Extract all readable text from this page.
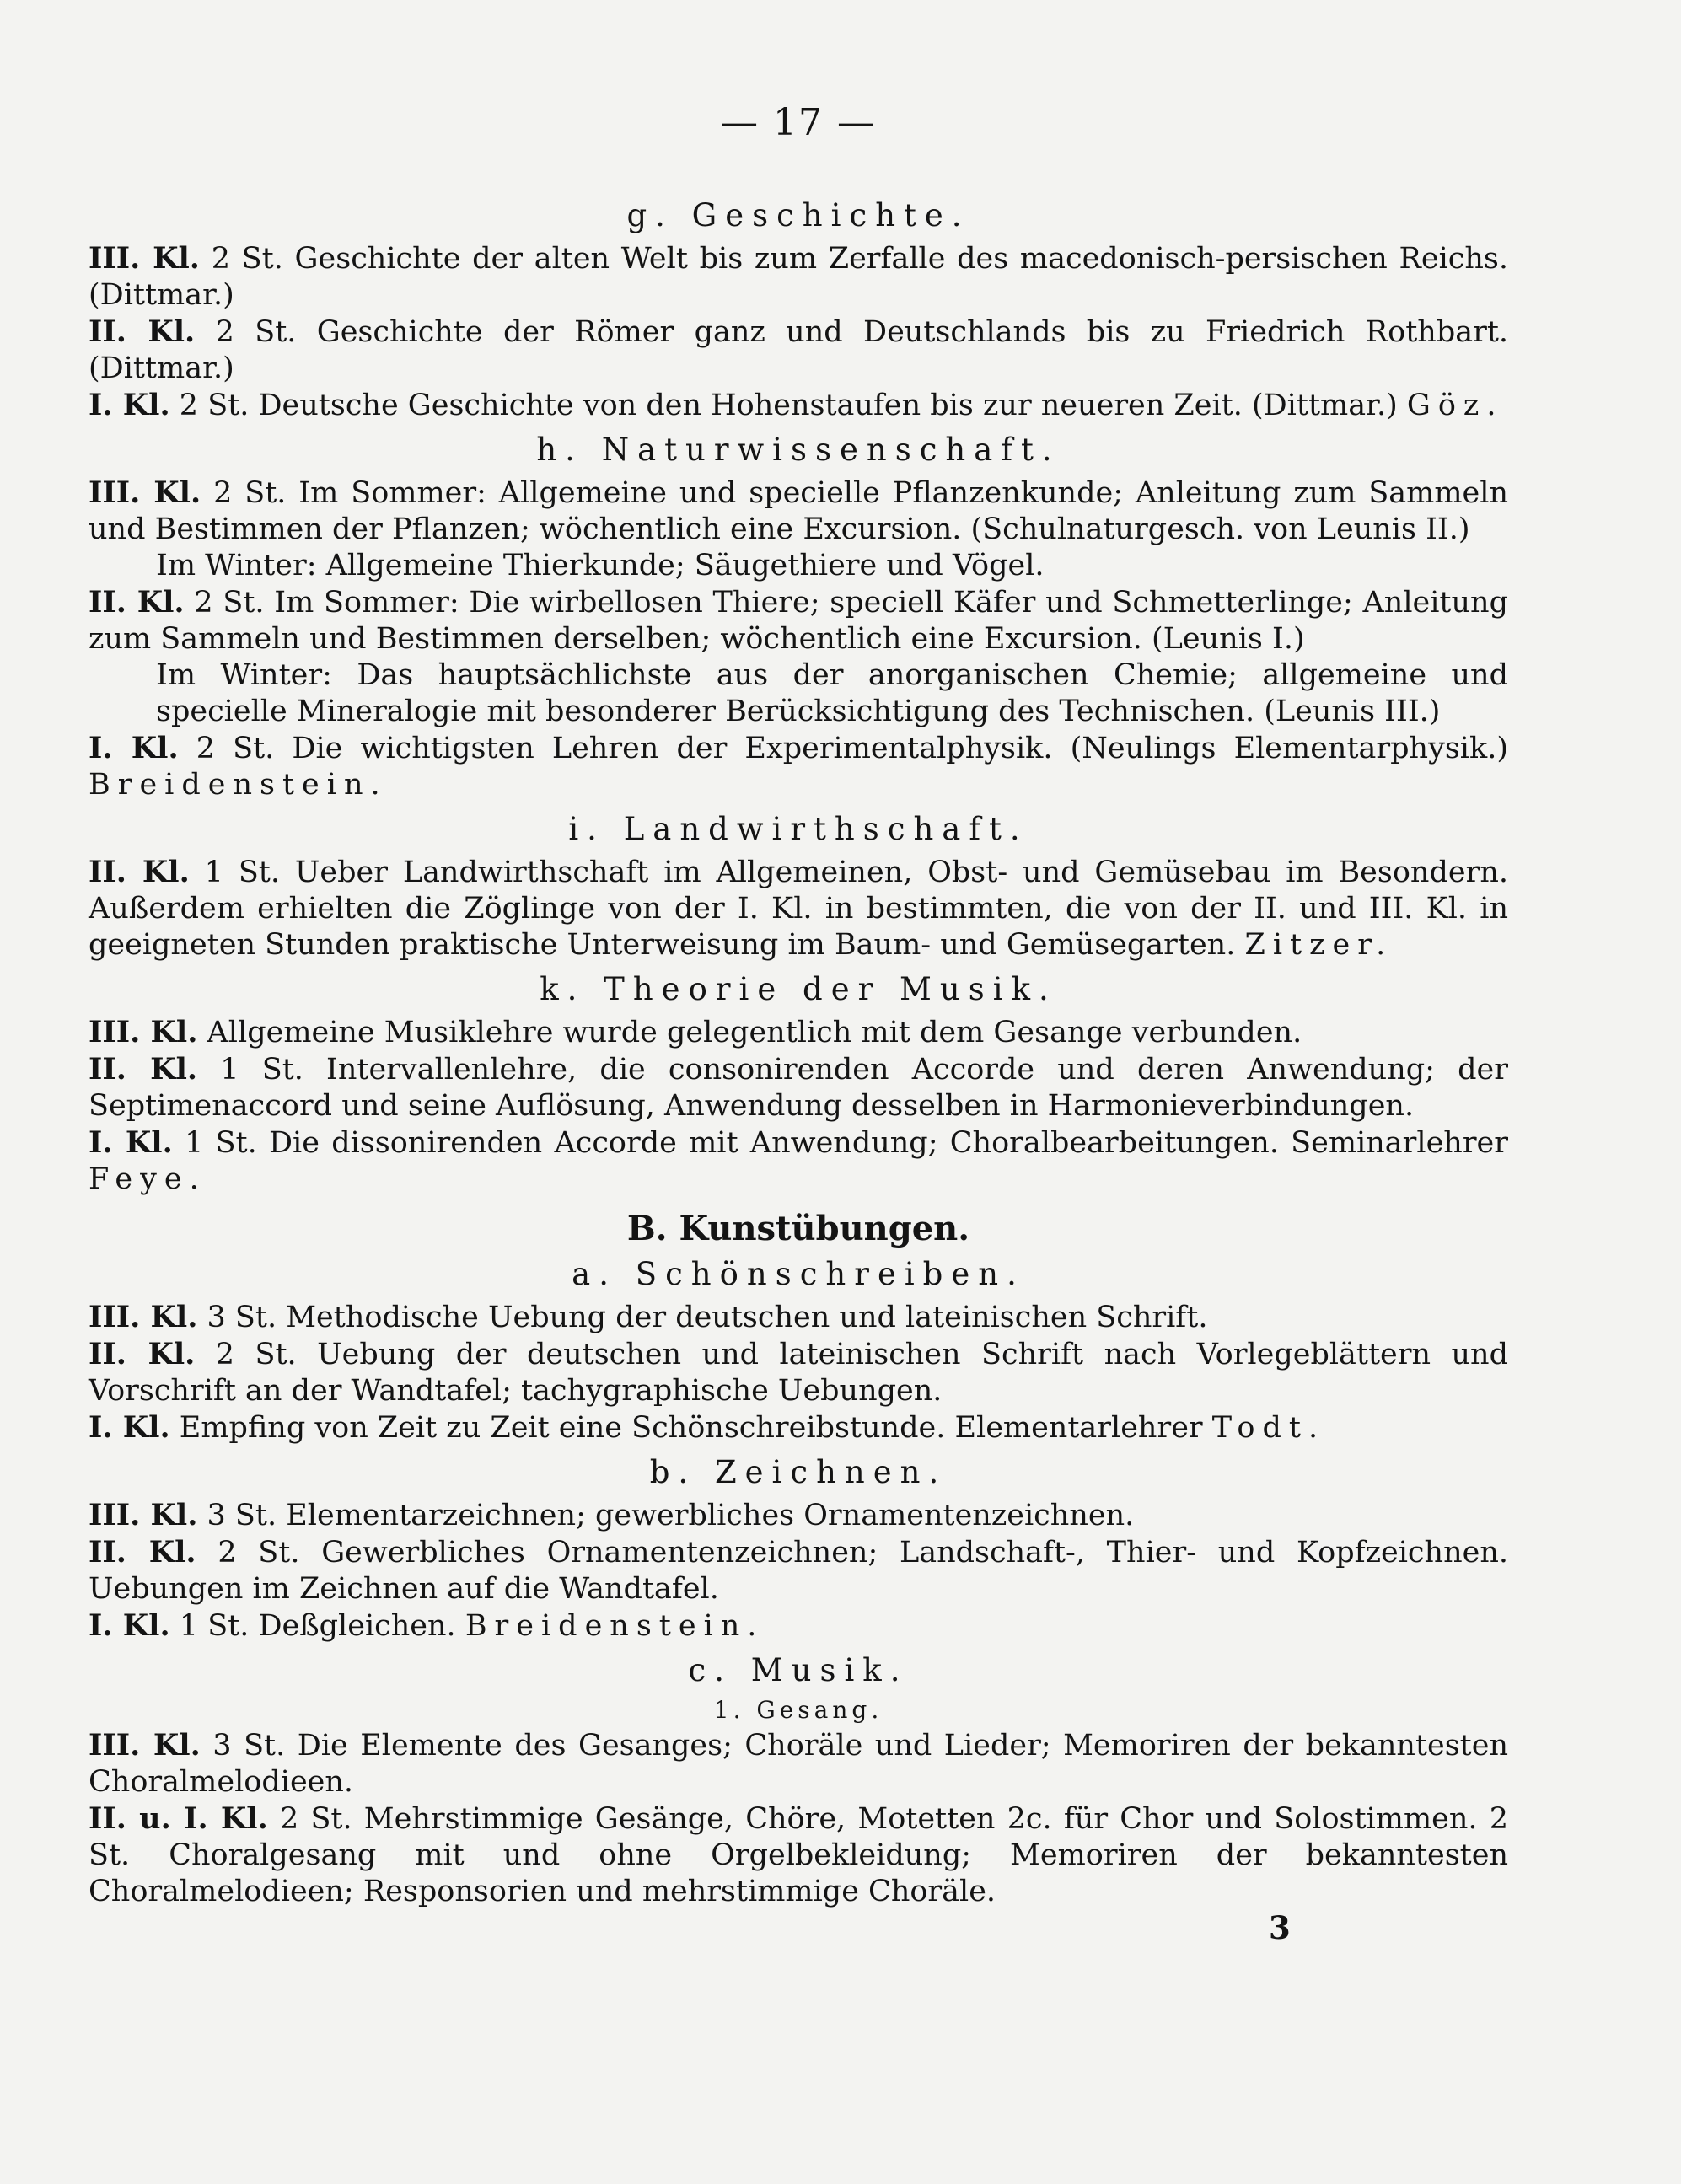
— 17 —
g. Geschichte.

III. Kl. 2 St. Geschichte der alten Welt bis zum Zerfalle des macedonisch-persischen Reichs. (Dittmar.)

II. Kl. 2 St. Geschichte der Römer ganz und Deutschlands bis zu Friedrich Rothbart. (Dittmar.)

I. Kl. 2 St. Deutsche Geschichte von den Hohenstaufen bis zur neueren Zeit. (Dittmar.) Göz.

h. Naturwissenschaft.

III. Kl. 2 St. Im Sommer: Allgemeine und specielle Pflanzenkunde; Anleitung zum Sammeln und Bestimmen der Pflanzen; wöchentlich eine Excursion. (Schulnaturgesch. von Leunis II.)

Im Winter: Allgemeine Thierkunde; Säugethiere und Vögel.

II. Kl. 2 St. Im Sommer: Die wirbellosen Thiere; speciell Käfer und Schmetterlinge; Anleitung zum Sammeln und Bestimmen derselben; wöchentlich eine Excursion. (Leunis I.)

Im Winter: Das hauptsächlichste aus der anorganischen Chemie; allgemeine und specielle Mineralogie mit besonderer Berücksichtigung des Technischen. (Leunis III.)

I. Kl. 2 St. Die wichtigsten Lehren der Experimentalphysik. (Neulings Elementarphysik.) Breidenstein.

i. Landwirthschaft.

II. Kl. 1 St. Ueber Landwirthschaft im Allgemeinen, Obst- und Gemüsebau im Besondern. Außerdem erhielten die Zöglinge von der I. Kl. in bestimmten, die von der II. und III. Kl. in geeigneten Stunden praktische Unterweisung im Baum- und Gemüsegarten. Zitzer.

k. Theorie der Musik.

III. Kl. Allgemeine Musiklehre wurde gelegentlich mit dem Gesange verbunden.

II. Kl. 1 St. Intervallenlehre, die consonirenden Accorde und deren Anwendung; der Septimenaccord und seine Auflösung, Anwendung desselben in Harmonieverbindungen.

I. Kl. 1 St. Die dissonirenden Accorde mit Anwendung; Choralbearbeitungen. Seminarlehrer Feye.

B. Kunstübungen.
a. Schönschreiben.

III. Kl. 3 St. Methodische Uebung der deutschen und lateinischen Schrift.

II. Kl. 2 St. Uebung der deutschen und lateinischen Schrift nach Vorlegeblättern und Vorschrift an der Wandtafel; tachygraphische Uebungen.

I. Kl. Empfing von Zeit zu Zeit eine Schönschreibstunde. Elementarlehrer Todt.

b. Zeichnen.

III. Kl. 3 St. Elementarzeichnen; gewerbliches Ornamentenzeichnen.

II. Kl. 2 St. Gewerbliches Ornamentenzeichnen; Landschaft-, Thier- und Kopfzeichnen. Uebungen im Zeichnen auf die Wandtafel.

I. Kl. 1 St. Deßgleichen. Breidenstein.

c. Musik.
1. Gesang.

III. Kl. 3 St. Die Elemente des Gesanges; Choräle und Lieder; Memoriren der bekanntesten Choralmelodieen.

II. u. I. Kl. 2 St. Mehrstimmige Gesänge, Chöre, Motetten 2c. für Chor und Solostimmen. 2 St. Choralgesang mit und ohne Orgelbekleidung; Memoriren der bekanntesten Choralmelodieen; Responsorien und mehrstimmige Choräle.

3
